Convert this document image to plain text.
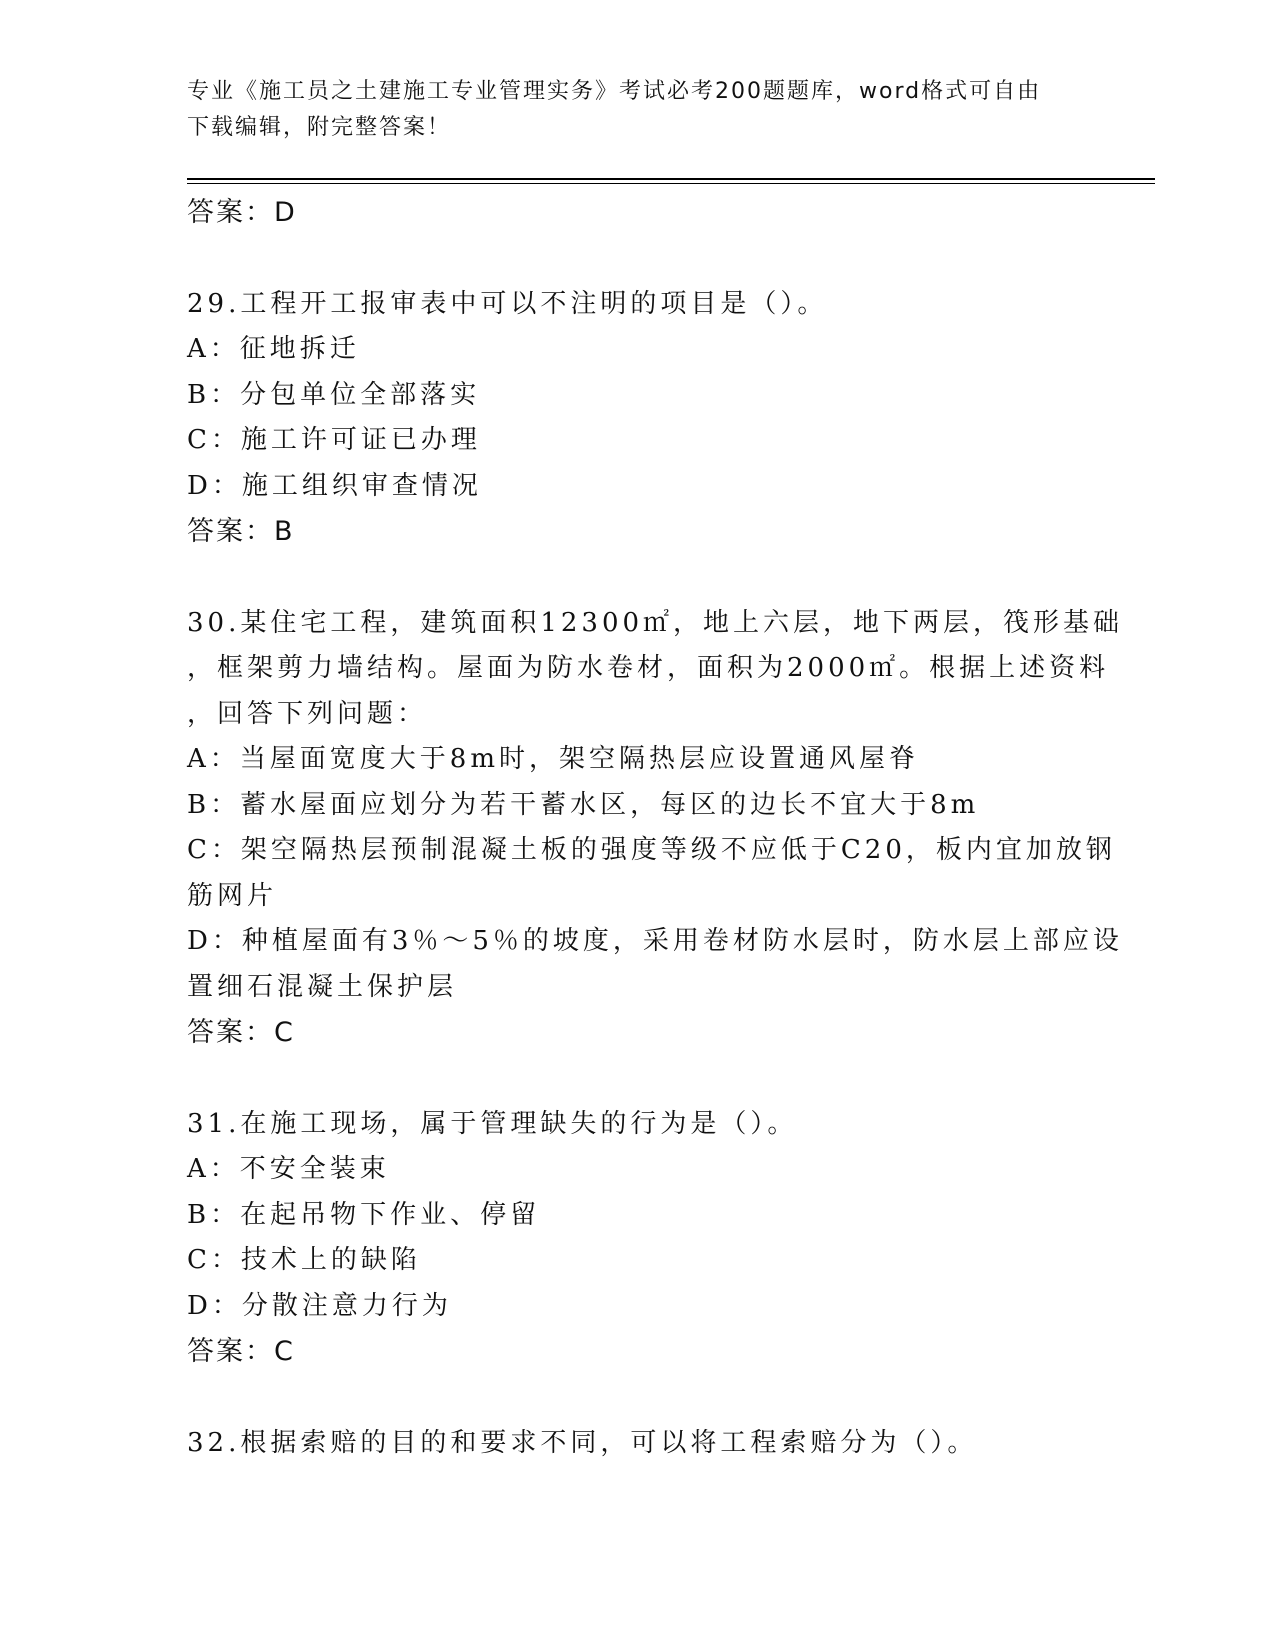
专业《施工员之土建施工专业管理实务》考试必考200题题库，word格式可自由
下载编辑，附完整答案！
答案：D
29.工程开工报审表中可以不注明的项目是（）。
A：征地拆迁
B：分包单位全部落实
C：施工许可证已办理
D：施工组织审查情况
答案：B
30.某住宅工程，建筑面积12300㎡，地上六层，地下两层，筏形基础
，框架剪力墙结构。屋面为防水卷材，面积为2000㎡。根据上述资料
，回答下列问题：
A：当屋面宽度大于8m时，架空隔热层应设置通风屋脊
B：蓄水屋面应划分为若干蓄水区，每区的边长不宜大于8m
C：架空隔热层预制混凝土板的强度等级不应低于C20，板内宜加放钢
筋网片
D：种植屋面有3％～5％的坡度，采用卷材防水层时，防水层上部应设
置细石混凝土保护层
答案：C
31.在施工现场，属于管理缺失的行为是（）。
A：不安全装束
B：在起吊物下作业、停留
C：技术上的缺陷
D：分散注意力行为
答案：C
32.根据索赔的目的和要求不同，可以将工程索赔分为（）。
